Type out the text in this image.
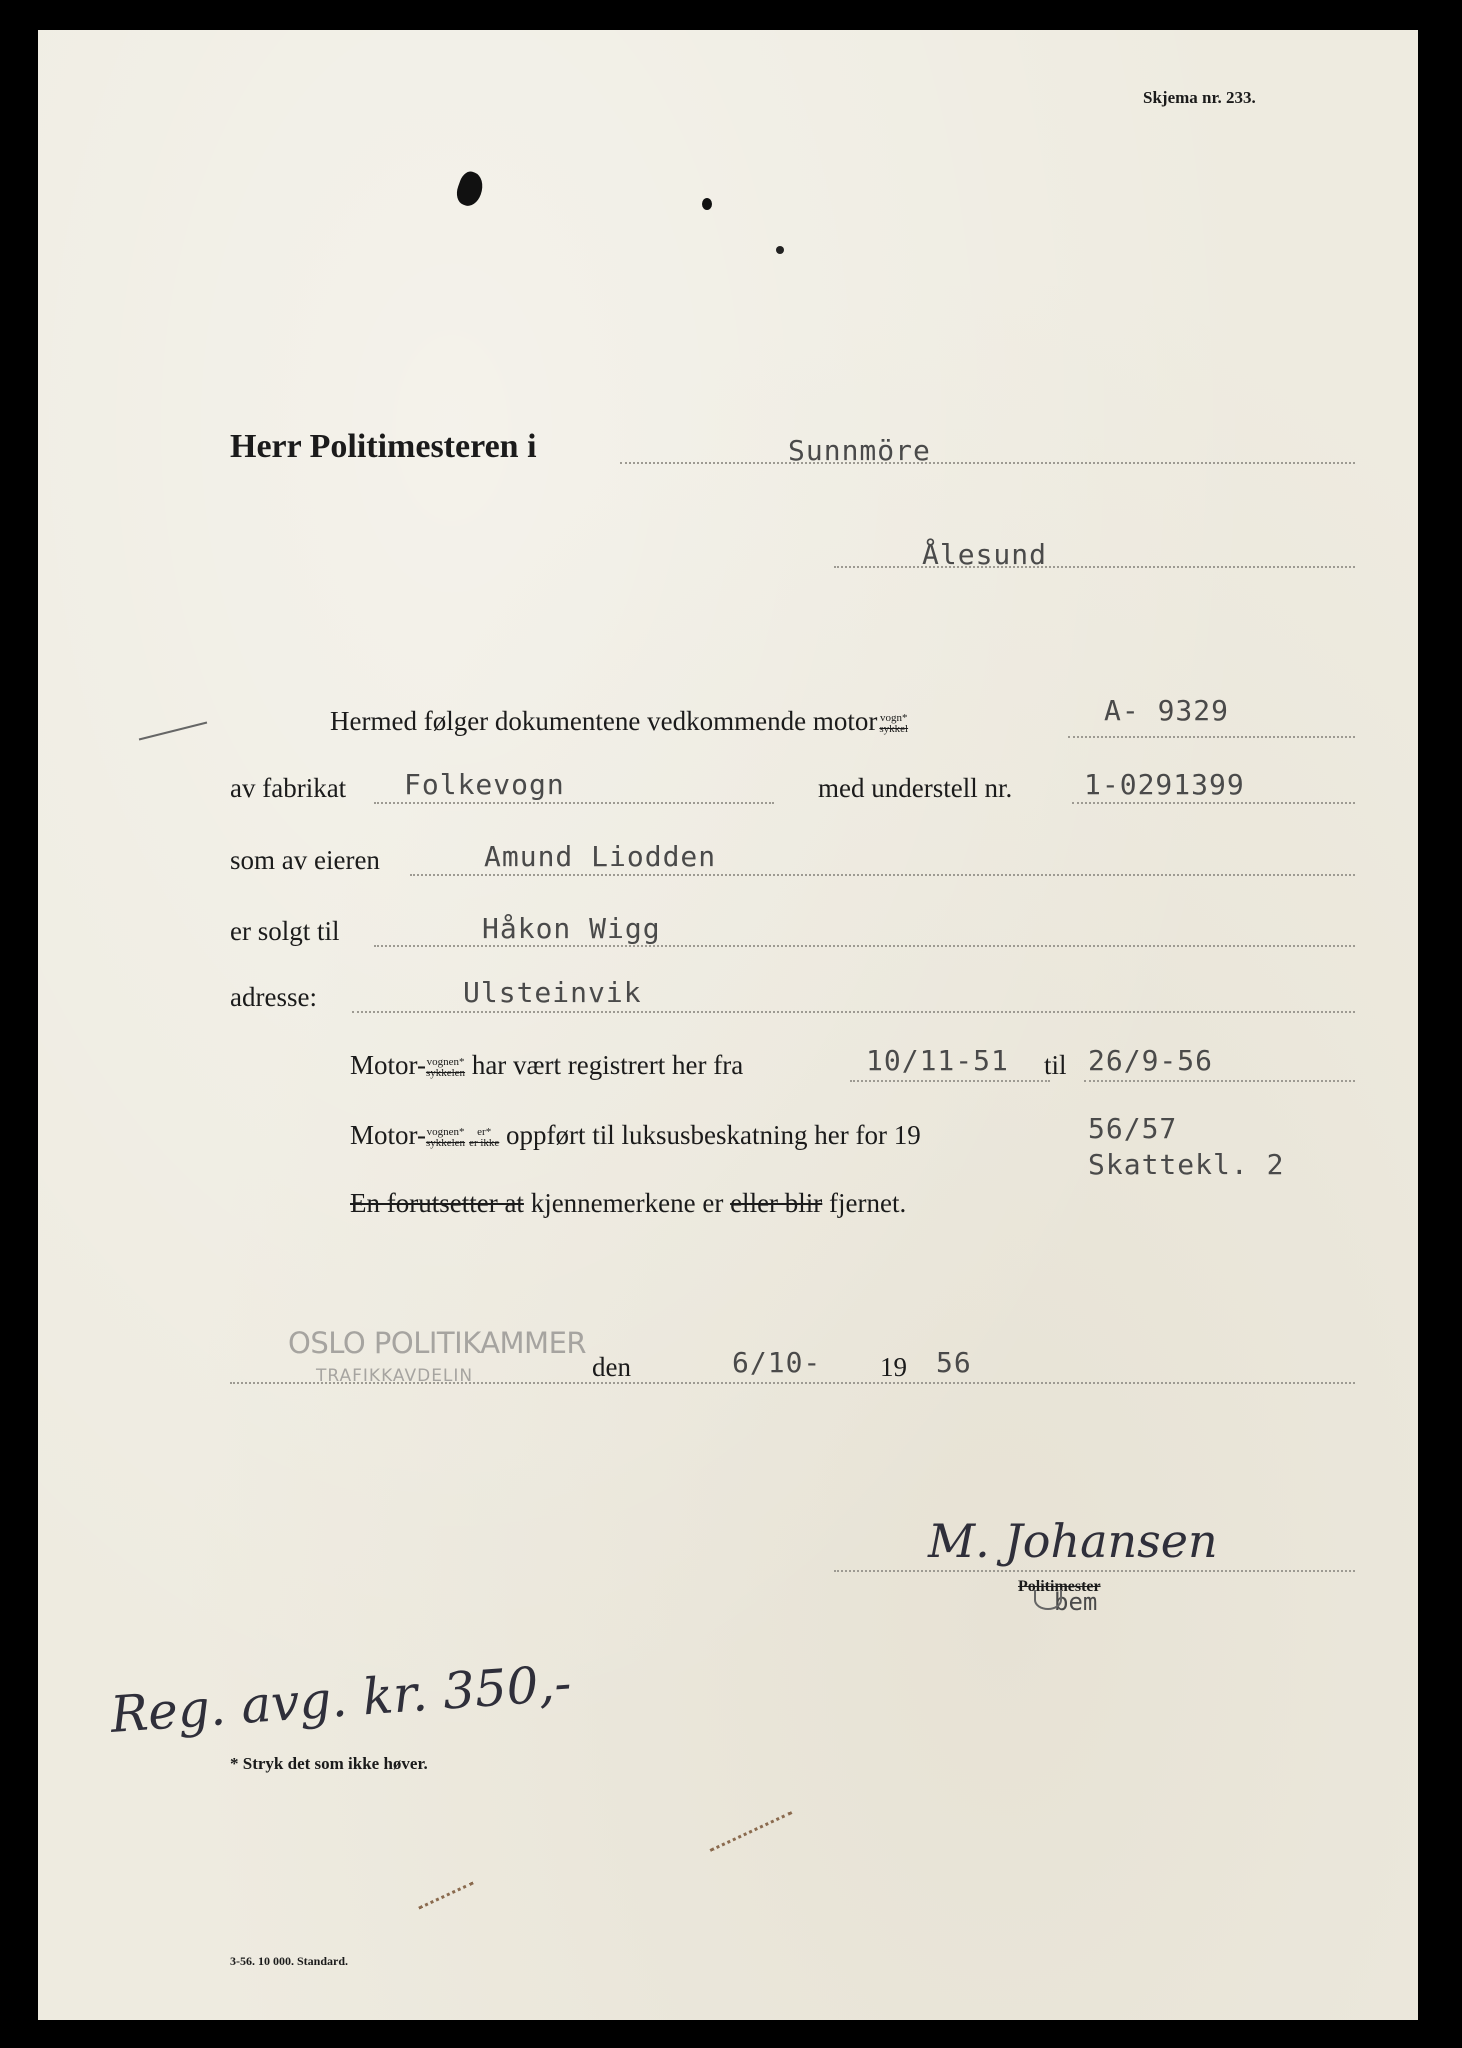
Skjema nr. 233.
Herr Politimesteren i	Sunnmöre
Ålesund
Hermed følger dokumentene vedkommende motor vogn*
sykkel
A- 9329
av fabrikat Folkevogn	med understell nr.	1-0291399
som av eieren	Amund Liodden
er solgt til	Håkon Wigg
adresse:	Ulsteinvik
Motor- vognen*
sykkelen har vært registrert her fra	10/11-51 til 26/9-56
Motor- vognen*
sykkelen
er*
er ikke oppført til luksusbeskatning her for 19	56/57
Skattekl. 2
En forutsetter at kjennemerkene er eller blir fjernet.
OSLO POLITIKAMMER
TRAFIKKAVDELIN	den	6/10- 19 56
M. Johansen
Politimester
bem
Reg. avg. kr. 350,-
* Stryk det som ikke høver.
3-56. 10 000. Standard.
